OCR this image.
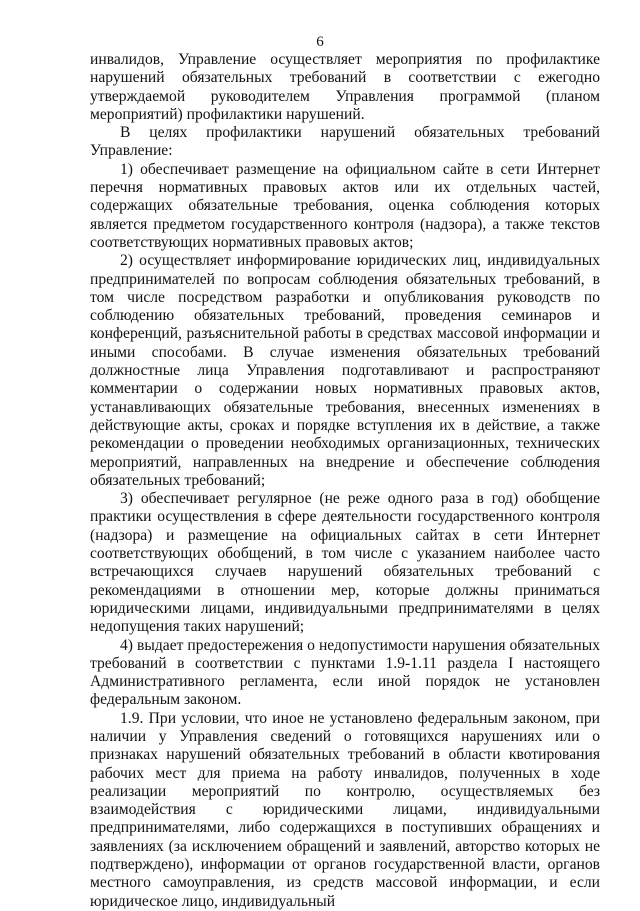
6

инвалидов, Управление осуществляет мероприятия по профилактике нарушений обязательных требований в соответствии с ежегодно утверждаемой руководителем Управления программой (планом мероприятий) профилактики нарушений.

В целях профилактики нарушений обязательных требований Управление:

1) обеспечивает размещение на официальном сайте в сети Интернет перечня нормативных правовых актов или их отдельных частей, содержащих обязательные требования, оценка соблюдения которых является предметом государственного контроля (надзора), а также текстов соответствующих нормативных правовых актов;

2) осуществляет информирование юридических лиц, индивидуальных предпринимателей по вопросам соблюдения обязательных требований, в том числе посредством разработки и опубликования руководств по соблюдению обязательных требований, проведения семинаров и конференций, разъяснительной работы в средствах массовой информации и иными способами. В случае изменения обязательных требований должностные лица Управления подготавливают и распространяют комментарии о содержании новых нормативных правовых актов, устанавливающих обязательные требования, внесенных изменениях в действующие акты, сроках и порядке вступления их в действие, а также рекомендации о проведении необходимых организационных, технических мероприятий, направленных на внедрение и обеспечение соблюдения обязательных требований;

3) обеспечивает регулярное (не реже одного раза в год) обобщение практики осуществления в сфере деятельности государственного контроля (надзора) и размещение на официальных сайтах в сети Интернет соответствующих обобщений, в том числе с указанием наиболее часто встречающихся случаев нарушений обязательных требований с рекомендациями в отношении мер, которые должны приниматься юридическими лицами, индивидуальными предпринимателями в целях недопущения таких нарушений;

4) выдает предостережения о недопустимости нарушения обязательных требований в соответствии с пунктами 1.9-1.11 раздела I настоящего Административного регламента, если иной порядок не установлен федеральным законом.

1.9. При условии, что иное не установлено федеральным законом, при наличии у Управления сведений о готовящихся нарушениях или о признаках нарушений обязательных требований в области квотирования рабочих мест для приема на работу инвалидов, полученных в ходе реализации мероприятий по контролю, осуществляемых без взаимодействия с юридическими лицами, индивидуальными предпринимателями, либо содержащихся в поступивших обращениях и заявлениях (за исключением обращений и заявлений, авторство которых не подтверждено), информации от органов государственной власти, органов местного самоуправления, из средств массовой информации, и если юридическое лицо, индивидуальный
